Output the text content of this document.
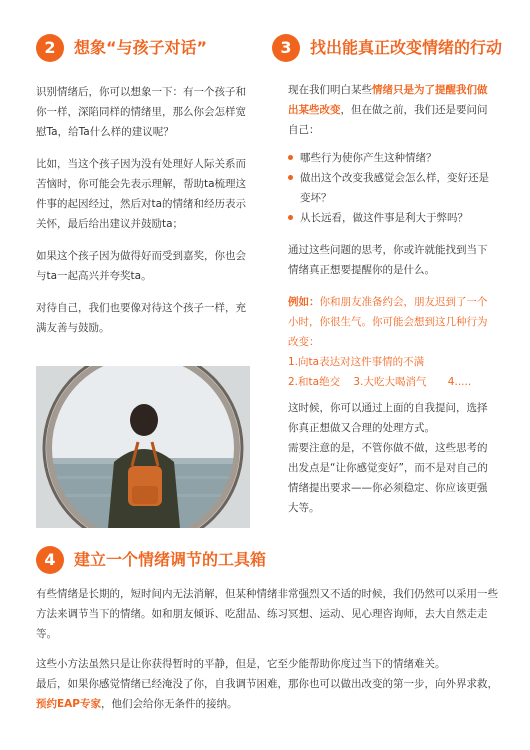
2	想象“与孩子对话”

识别情绪后，你可以想象一下：有一个孩子和你一样，深陷同样的情绪里，那么你会怎样宽慰Ta，给Ta什么样的建议呢？

比如，当这个孩子因为没有处理好人际关系而苦恼时，你可能会先表示理解，帮助ta梳理这件事的起因经过，然后对ta的情绪和经历表示关怀，最后给出建议并鼓励ta；

如果这个孩子因为做得好而受到嘉奖，你也会与ta一起高兴并夸奖ta。

对待自己，我们也要像对待这个孩子一样，充满友善与鼓励。

3	找出能真正改变情绪的行动

现在我们明白某些情绪只是为了提醒我们做出某些改变，但在做之前，我们还是要问问自己：

哪些行为使你产生这种情绪？
做出这个改变我感觉会怎么样，变好还是变坏？
从长远看，做这件事是利大于弊吗？

通过这些问题的思考，你或许就能找到当下情绪真正想要提醒你的是什么。

例如：你和朋友准备约会，朋友迟到了一个小时，你很生气。你可能会想到这几种行为改变：

1.向ta表达对这件事情的不满

2.和ta绝交 3.大吃大喝消气 4.....

这时候，你可以通过上面的自我提问，选择你真正想做又合理的处理方式。

需要注意的是，不管你做不做，这些思考的出发点是“让你感觉变好”，而不是对自己的情绪提出要求——你必须稳定、你应该更强大等。

4	建立一个情绪调节的工具箱

有些情绪是长期的，短时间内无法消解，但某种情绪非常强烈又不适的时候，我们仍然可以采用一些方法来调节当下的情绪。如和朋友倾诉、吃甜品、练习冥想、运动、见心理咨询师，去大自然走走等。

这些小方法虽然只是让你获得暂时的平静，但是，它至少能帮助你度过当下的情绪难关。

最后，如果你感觉情绪已经淹没了你，自我调节困难，那你也可以做出改变的第一步，向外界求救，预约EAP专家，他们会给你无条件的接纳。
